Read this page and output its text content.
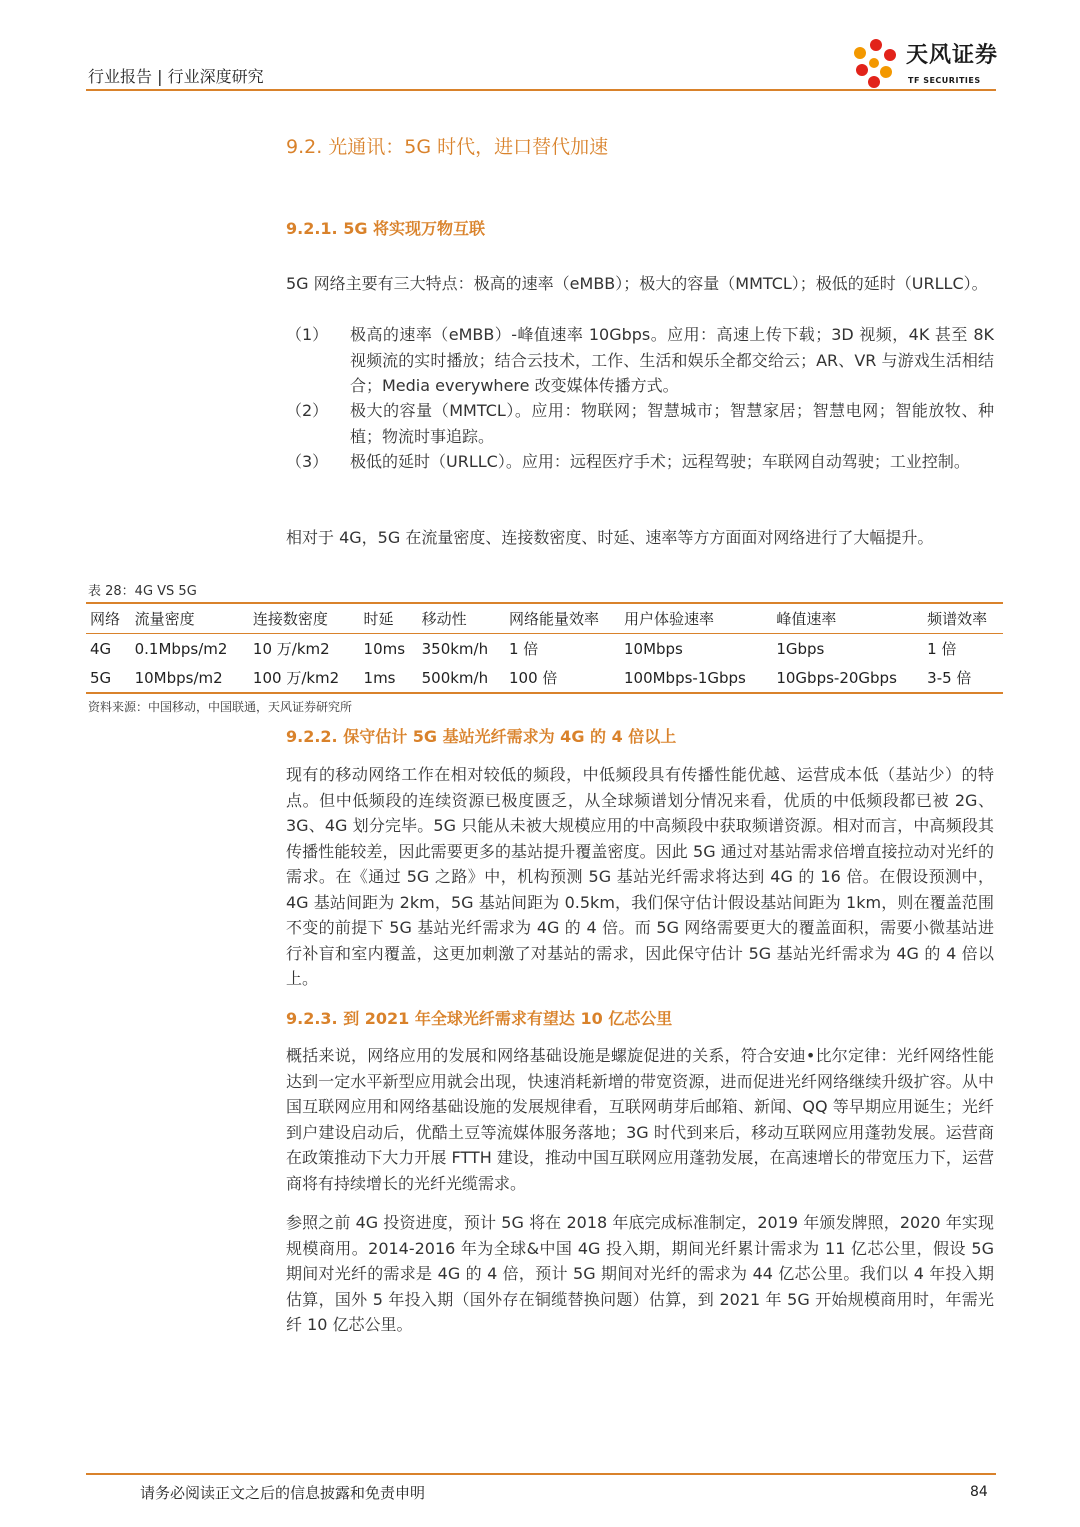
行业报告 | 行业深度研究
天风证券
TF SECURITIES
9.2. 光通讯：5G 时代，进口替代加速
9.2.1. 5G 将实现万物互联
5G 网络主要有三大特点：极高的速率（eMBB）；极大的容量（MMTCL）；极低的延时（URLLC）。
（1） 极高的速率（eMBB）-峰值速率 10Gbps。应用：高速上传下载；3D 视频，4K 甚至 8K 视频流的实时播放；结合云技术，工作、生活和娱乐全都交给云；AR、VR 与游戏生活相结合；Media everywhere 改变媒体传播方式。
（2） 极大的容量（MMTCL）。应用：物联网；智慧城市；智慧家居；智慧电网；智能放牧、种植；物流时事追踪。
（3） 极低的延时（URLLC）。应用：远程医疗手术；远程驾驶；车联网自动驾驶；工业控制。
相对于 4G，5G 在流量密度、连接数密度、时延、速率等方方面面对网络进行了大幅提升。
表 28：4G VS 5G
网络	流量密度	连接数密度	时延	移动性	网络能量效率	用户体验速率	峰值速率	频谱效率
4G	0.1Mbps/m2	10 万/km2	10ms	350km/h	1 倍	10Mbps	1Gbps	1 倍
5G	10Mbps/m2	100 万/km2	1ms	500km/h	100 倍	100Mbps-1Gbps	10Gbps-20Gbps	3-5 倍
资料来源：中国移动，中国联通，天风证券研究所
9.2.2. 保守估计 5G 基站光纤需求为 4G 的 4 倍以上
现有的移动网络工作在相对较低的频段，中低频段具有传播性能优越、运营成本低（基站少）的特点。但中低频段的连续资源已极度匮乏，从全球频谱划分情况来看，优质的中低频段都已被 2G、3G、4G 划分完毕。5G 只能从未被大规模应用的中高频段中获取频谱资源。相对而言，中高频段其传播性能较差，因此需要更多的基站提升覆盖密度。因此 5G 通过对基站需求倍增直接拉动对光纤的需求。在《通过 5G 之路》中，机构预测 5G 基站光纤需求将达到 4G 的 16 倍。在假设预测中，4G 基站间距为 2km，5G 基站间距为 0.5km，我们保守估计假设基站间距为 1km，则在覆盖范围不变的前提下 5G 基站光纤需求为 4G 的 4 倍。而 5G 网络需要更大的覆盖面积，需要小微基站进行补盲和室内覆盖，这更加刺激了对基站的需求，因此保守估计 5G 基站光纤需求为 4G 的 4 倍以上。
9.2.3. 到 2021 年全球光纤需求有望达 10 亿芯公里
概括来说，网络应用的发展和网络基础设施是螺旋促进的关系，符合安迪•比尔定律：光纤网络性能达到一定水平新型应用就会出现，快速消耗新增的带宽资源，进而促进光纤网络继续升级扩容。从中国互联网应用和网络基础设施的发展规律看，互联网萌芽后邮箱、新闻、QQ 等早期应用诞生；光纤到户建设启动后，优酷土豆等流媒体服务落地；3G 时代到来后，移动互联网应用蓬勃发展。运营商在政策推动下大力开展 FTTH 建设，推动中国互联网应用蓬勃发展，在高速增长的带宽压力下，运营商将有持续增长的光纤光缆需求。
参照之前 4G 投资进度，预计 5G 将在 2018 年底完成标准制定，2019 年颁发牌照，2020 年实现规模商用。2014-2016 年为全球&中国 4G 投入期，期间光纤累计需求为 11 亿芯公里，假设 5G 期间对光纤的需求是 4G 的 4 倍，预计 5G 期间对光纤的需求为 44 亿芯公里。我们以 4 年投入期估算，国外 5 年投入期（国外存在铜缆替换问题）估算，到 2021 年 5G 开始规模商用时，年需光纤 10 亿芯公里。
请务必阅读正文之后的信息披露和免责申明	84
